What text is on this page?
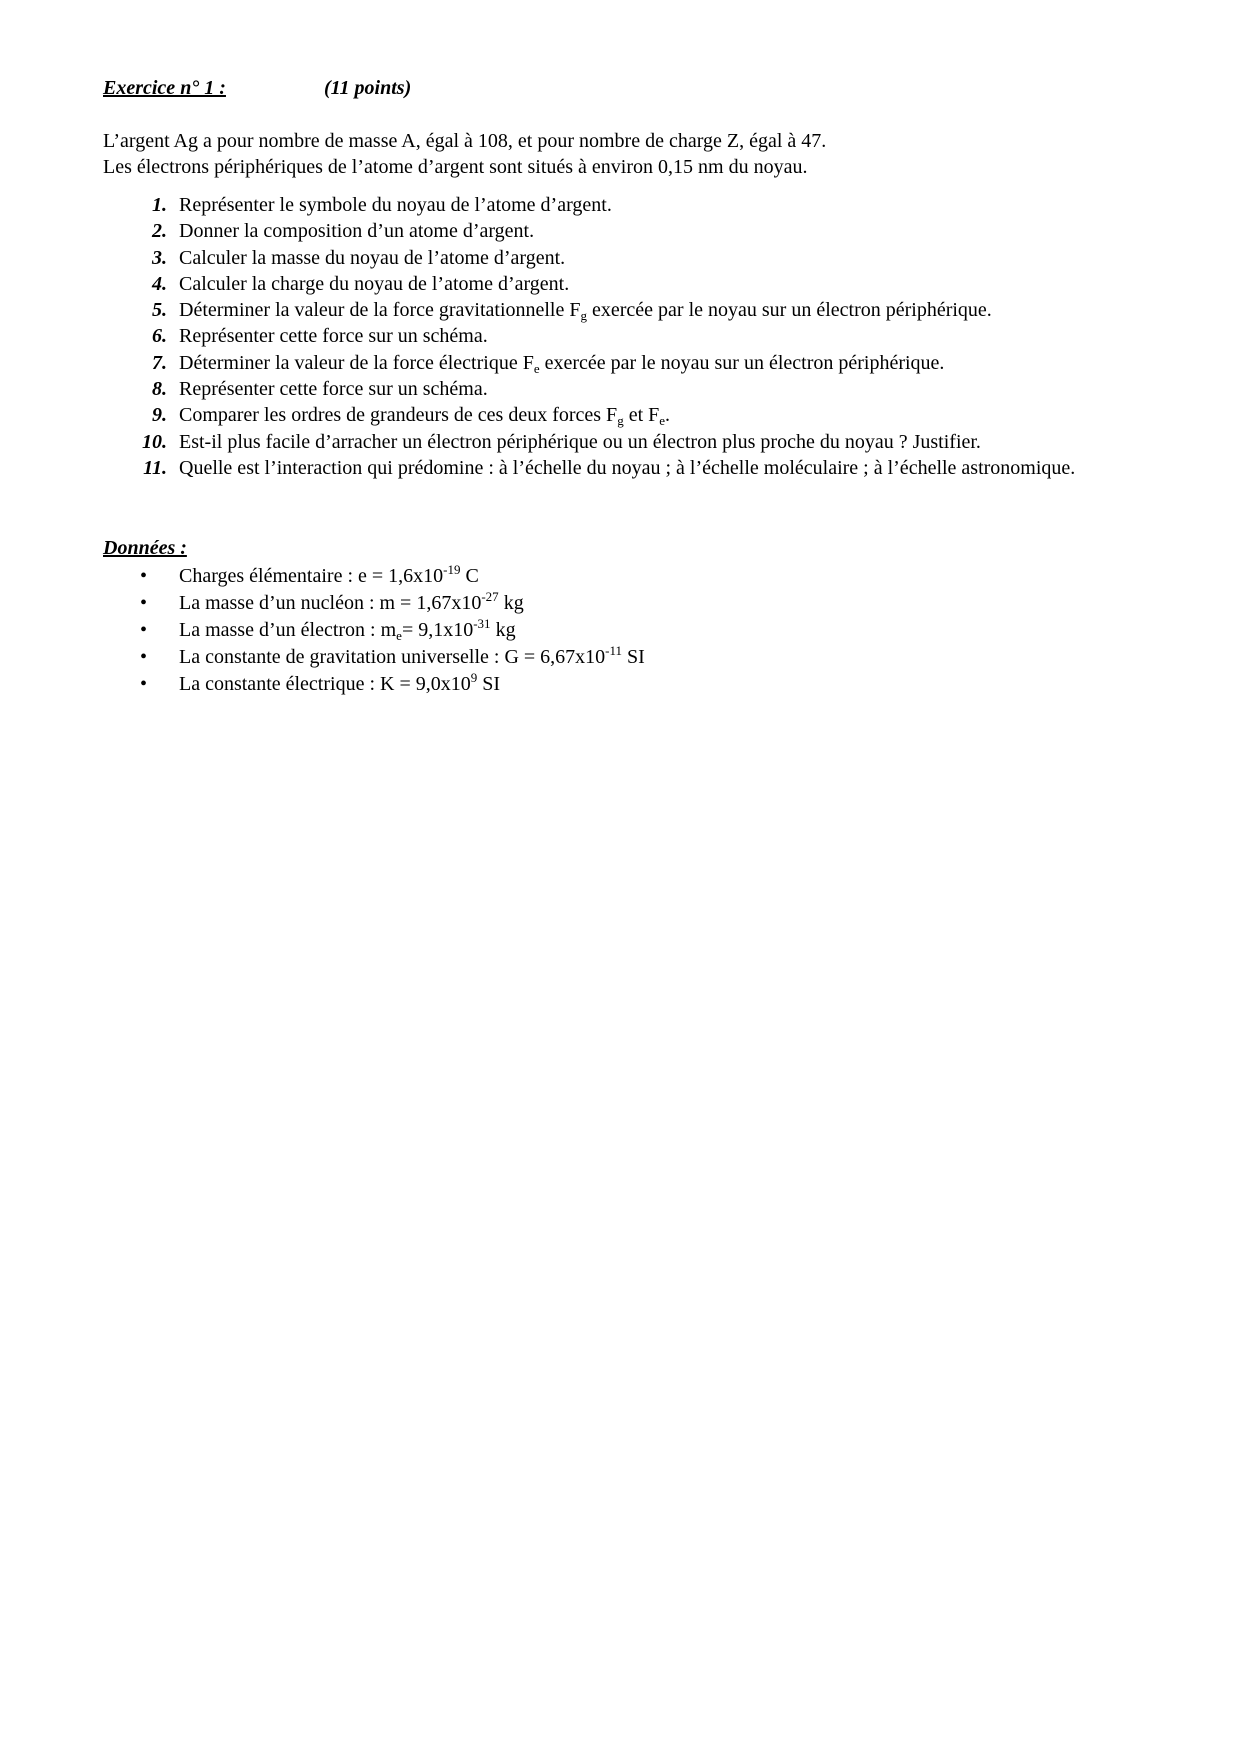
Exercice n° 1 :	(11 points)

L’argent Ag a pour nombre de masse A, égal à 108, et pour nombre de charge Z, égal à 47.

Les électrons périphériques de l’atome d’argent sont situés à environ 0,15 nm du noyau.

1. Représenter le symbole du noyau de l’atome d’argent.
2. Donner la composition d’un atome d’argent.
3. Calculer la masse du noyau de l’atome d’argent.
4. Calculer la charge du noyau de l’atome d’argent.
5. Déterminer la valeur de la force gravitationnelle $F_g$ exercée par le noyau sur un électron périphérique.
6. Représenter cette force sur un schéma.
7. Déterminer la valeur de la force électrique $F_e$ exercée par le noyau sur un électron périphérique.
8. Représenter cette force sur un schéma.
9. Comparer les ordres de grandeurs de ces deux forces $F_g$ et $F_e$.
10. Est-il plus facile d’arracher un électron périphérique ou un électron plus proche du noyau ? Justifier.
11. Quelle est l’interaction qui prédomine : à l’échelle du noyau ; à l’échelle moléculaire ; à l’échelle astronomique.
Données :
• Charges élémentaire : $e = 1,6x10^{-19}$ C
• La masse d’un nucléon : $m = 1,67x10^{-27}$ kg
• La masse d’un électron : $m_e= 9,1x10^{-31}$ kg
• La constante de gravitation universelle : $G = 6,67x10^{-11}$ SI
• La constante électrique : $K = 9,0x10^9$ SI
